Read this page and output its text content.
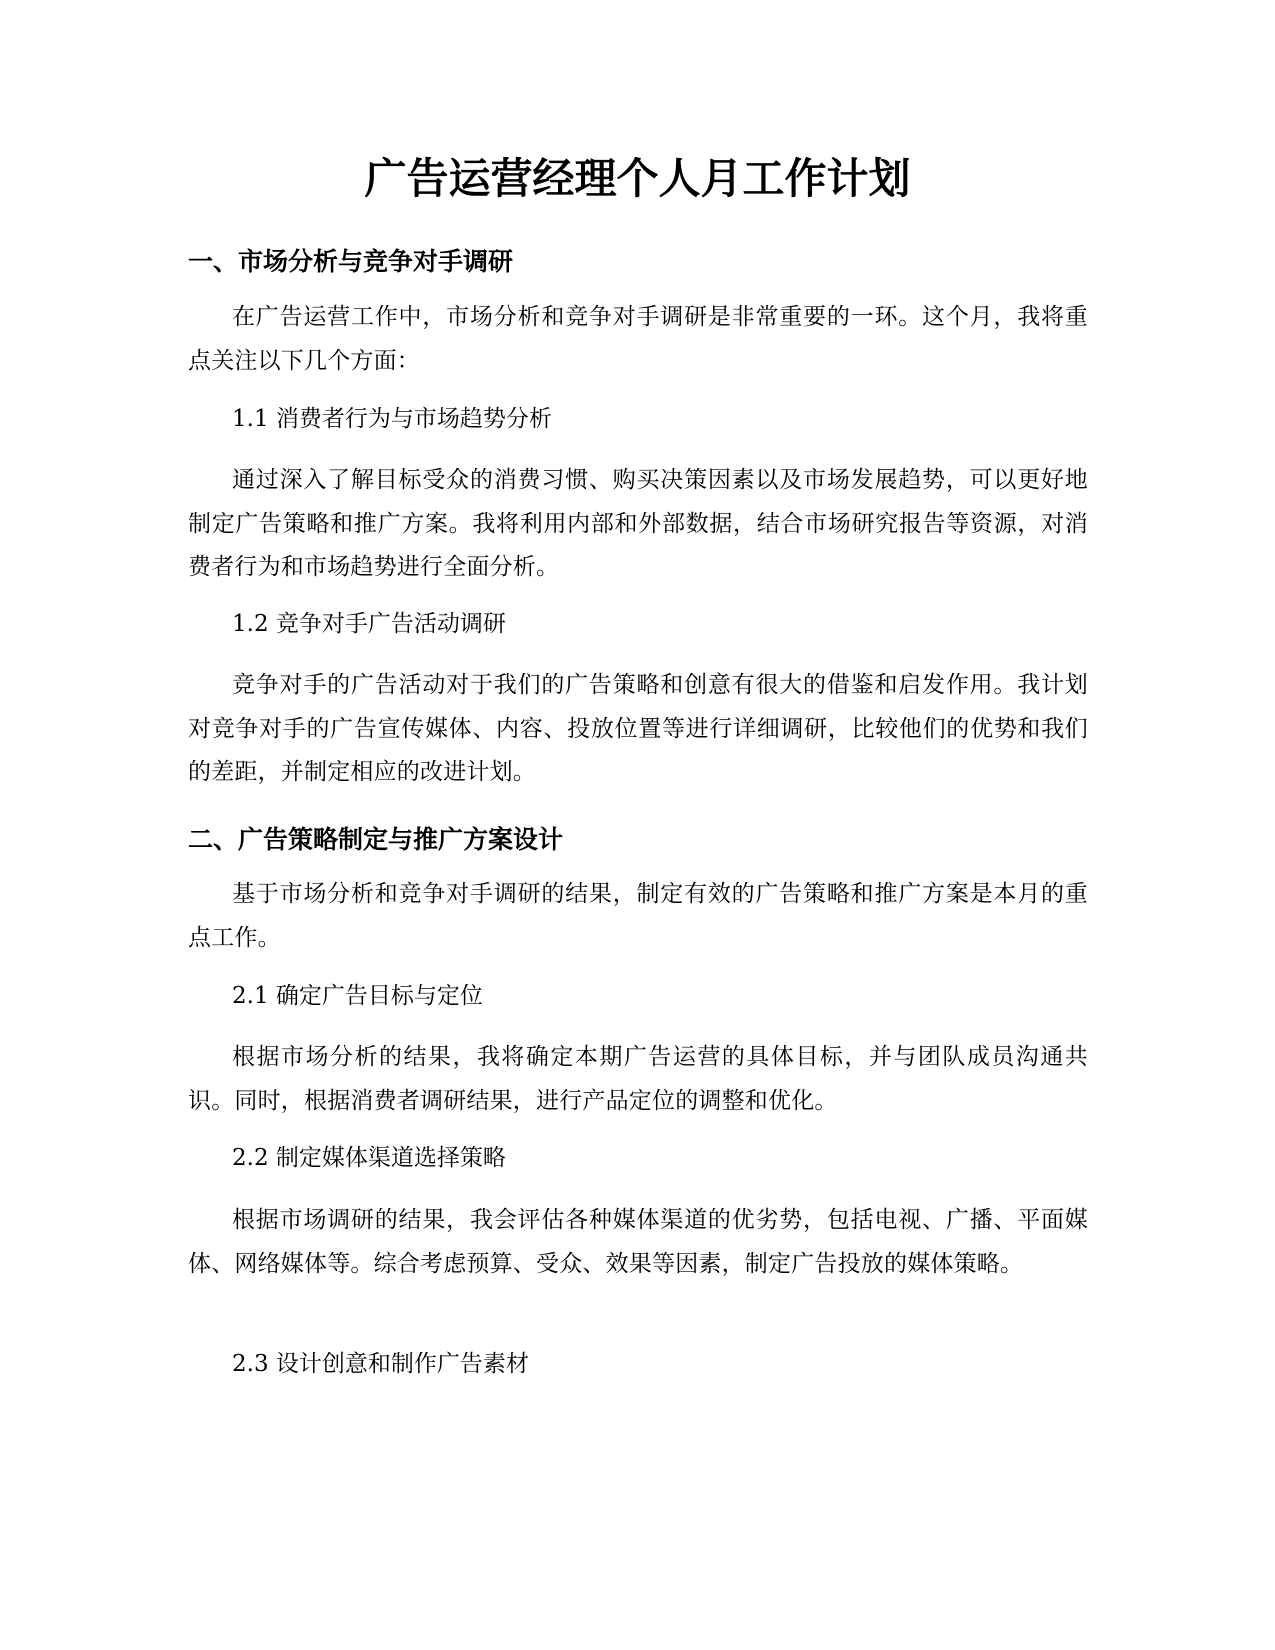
广告运营经理个人月工作计划
一、市场分析与竞争对手调研

在广告运营工作中，市场分析和竞争对手调研是非常重要的一环。这个月，我将重点关注以下几个方面：

1.1 消费者行为与市场趋势分析

通过深入了解目标受众的消费习惯、购买决策因素以及市场发展趋势，可以更好地制定广告策略和推广方案。我将利用内部和外部数据，结合市场研究报告等资源，对消费者行为和市场趋势进行全面分析。

1.2 竞争对手广告活动调研

竞争对手的广告活动对于我们的广告策略和创意有很大的借鉴和启发作用。我计划对竞争对手的广告宣传媒体、内容、投放位置等进行详细调研，比较他们的优势和我们的差距，并制定相应的改进计划。

二、广告策略制定与推广方案设计

基于市场分析和竞争对手调研的结果，制定有效的广告策略和推广方案是本月的重点工作。

2.1 确定广告目标与定位

根据市场分析的结果，我将确定本期广告运营的具体目标，并与团队成员沟通共识。同时，根据消费者调研结果，进行产品定位的调整和优化。

2.2 制定媒体渠道选择策略

根据市场调研的结果，我会评估各种媒体渠道的优劣势，包括电视、广播、平面媒体、网络媒体等。综合考虑预算、受众、效果等因素，制定广告投放的媒体策略。

2.3 设计创意和制作广告素材
